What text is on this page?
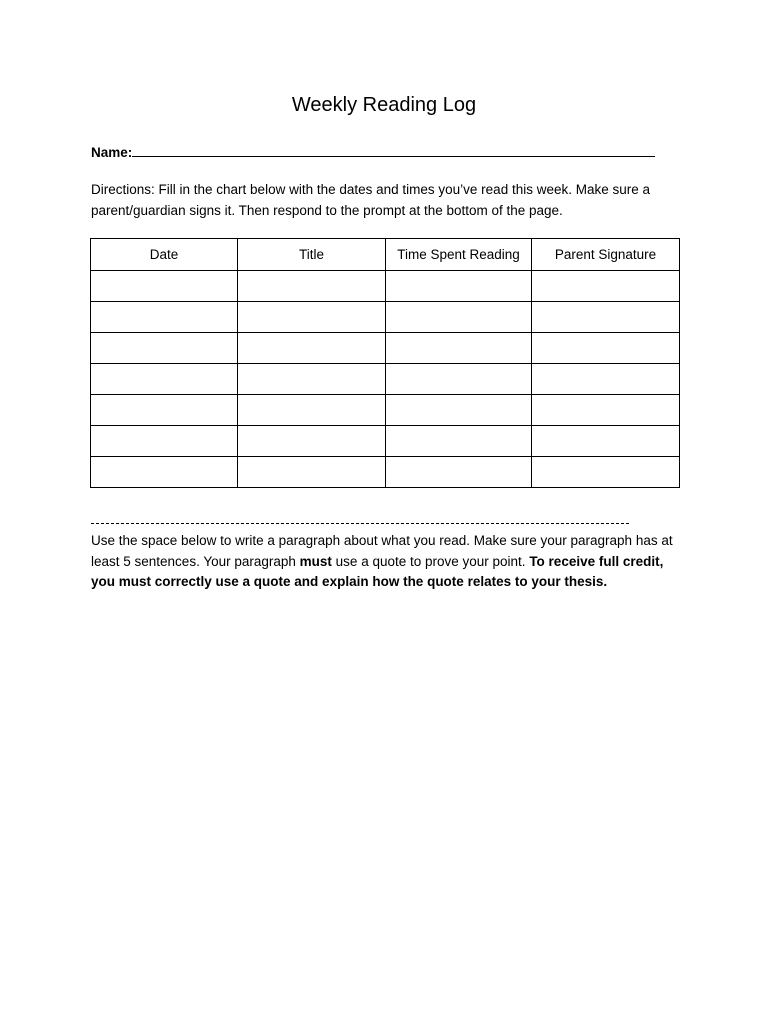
Weekly Reading Log
Name:
Directions: Fill in the chart below with the dates and times you’ve read this week. Make sure a parent/guardian signs it. Then respond to the prompt at the bottom of the page.
Date	Title	Time Spent Reading	Parent Signature

Use the space below to write a paragraph about what you read. Make sure your paragraph has at least 5 sentences. Your paragraph must use a quote to prove your point. To receive full credit, you must correctly use a quote and explain how the quote relates to your thesis.
